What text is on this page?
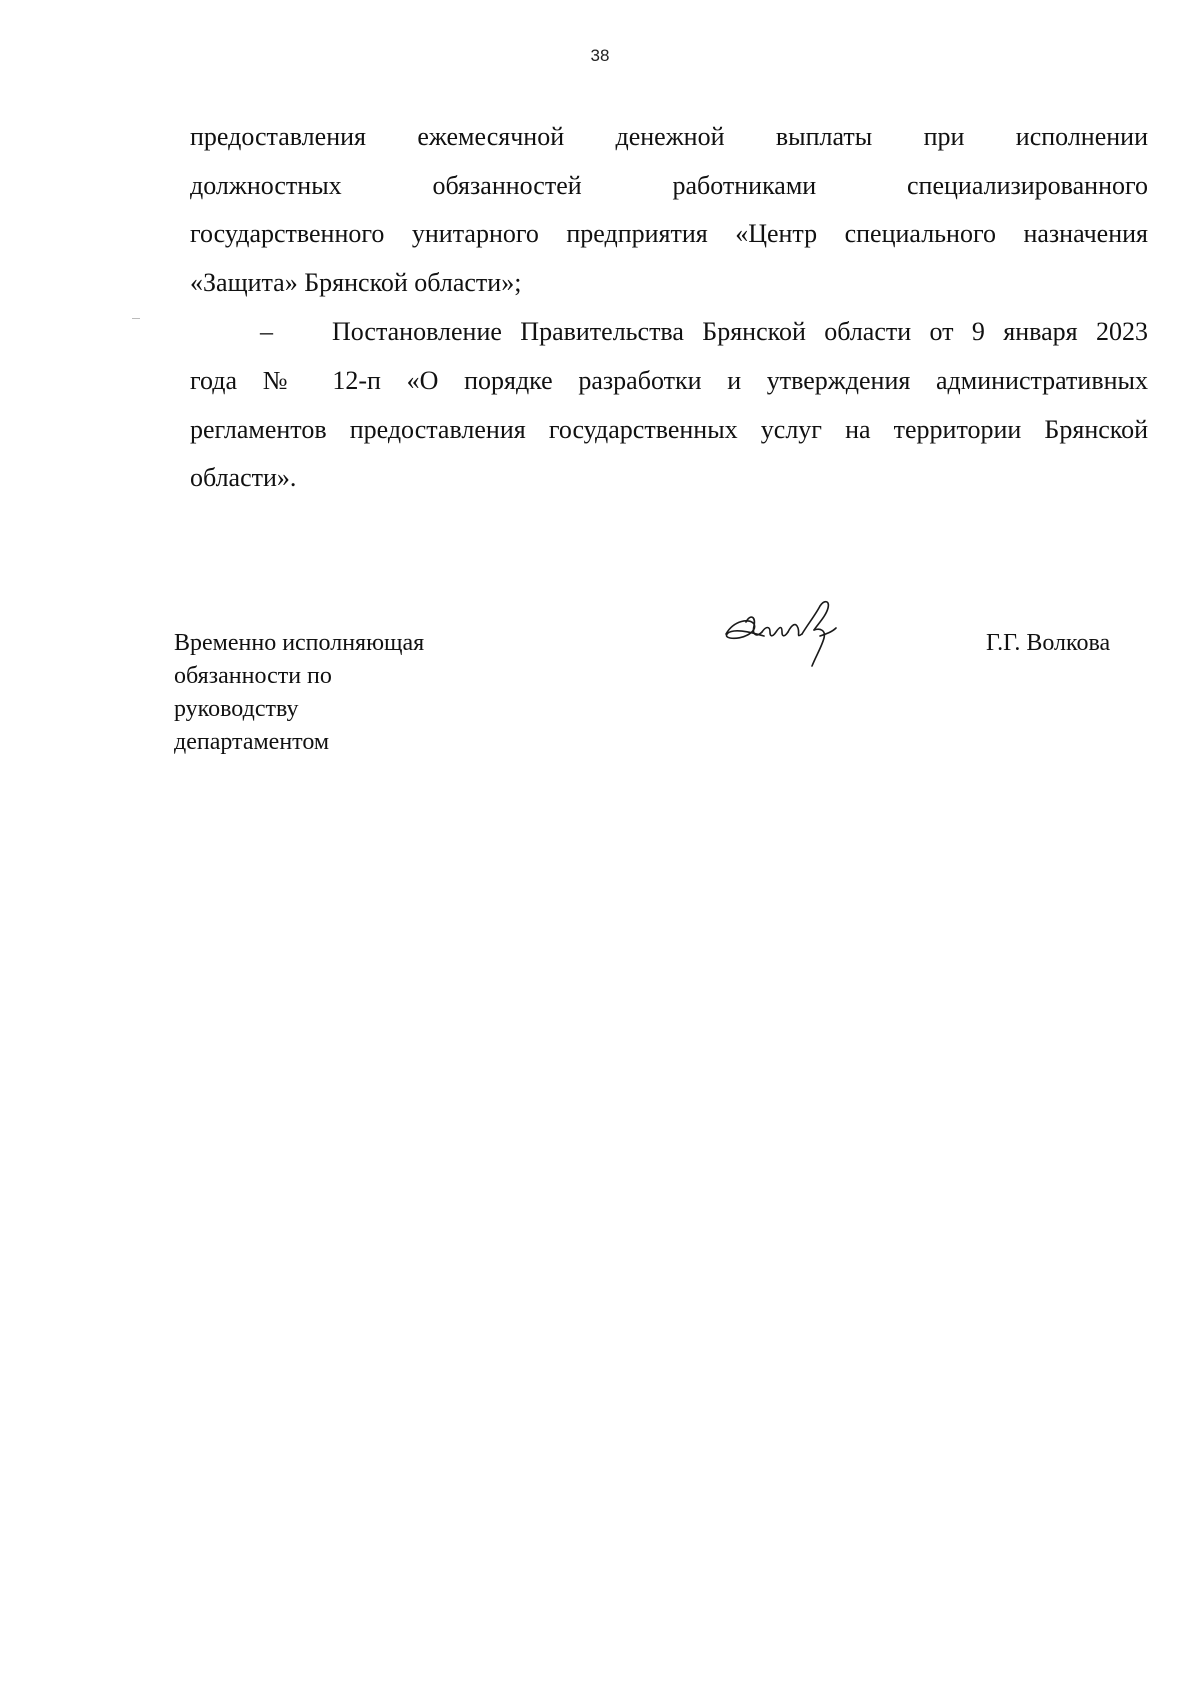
38
предоставления ежемесячной денежной выплаты при исполнении
должностных	обязанностей	работниками	специализированного
государственного унитарного предприятия «Центр специального назначения
«Защита» Брянской области»;
– Постановление Правительства Брянской области от 9 января 2023
года № 12-п «О порядке разработки и утверждения административных
регламентов предоставления государственных услуг на территории Брянской
области».
Временно исполняющая
обязанности по
руководству
департаментом
Г.Г. Волкова
